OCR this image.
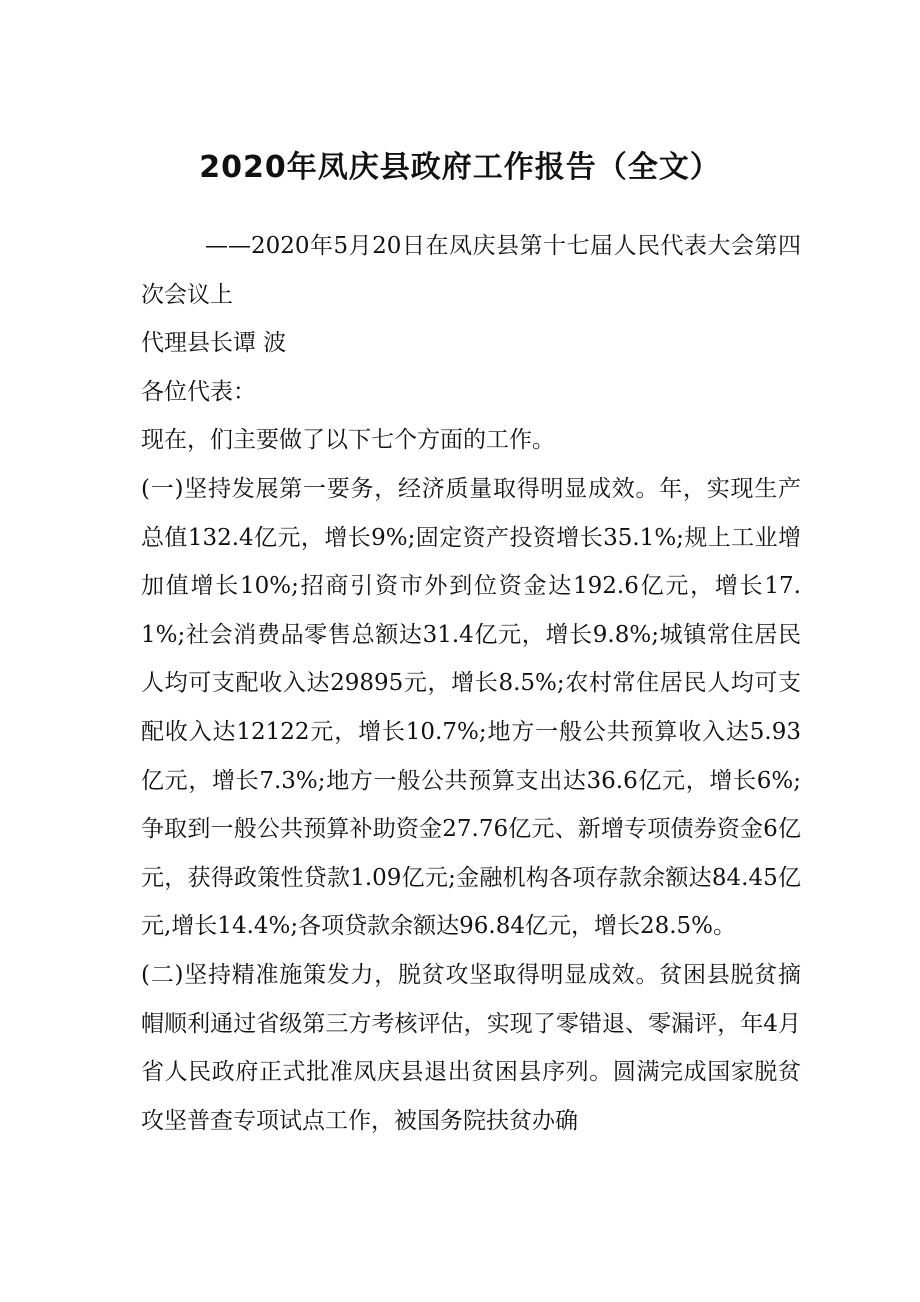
2020年凤庆县政府工作报告（全文）

——2020年5月20日在凤庆县第十七届人民代表大会第四次会议上

代理县长谭 波

各位代表：

现在，们主要做了以下七个方面的工作。

(一)坚持发展第一要务，经济质量取得明显成效。年，实现生产总值132.4亿元，增长9%;固定资产投资增长35.1%;规上工业增加值增长10%;招商引资市外到位资金达192.6亿元，增长17.1%;社会消费品零售总额达31.4亿元，增长9.8%;城镇常住居民人均可支配收入达29895元，增长8.5%;农村常住居民人均可支配收入达12122元，增长10.7%;地方一般公共预算收入达5.93亿元，增长7.3%;地方一般公共预算支出达36.6亿元，增长6%;争取到一般公共预算补助资金27.76亿元、新增专项债券资金6亿元，获得政策性贷款1.09亿元;金融机构各项存款余额达84.45亿元,增长14.4%;各项贷款余额达96.84亿元，增长28.5%。

(二)坚持精准施策发力，脱贫攻坚取得明显成效。贫困县脱贫摘帽顺利通过省级第三方考核评估，实现了零错退、零漏评，年4月省人民政府正式批准凤庆县退出贫困县序列。圆满完成国家脱贫攻坚普查专项试点工作，被国务院扶贫办确
